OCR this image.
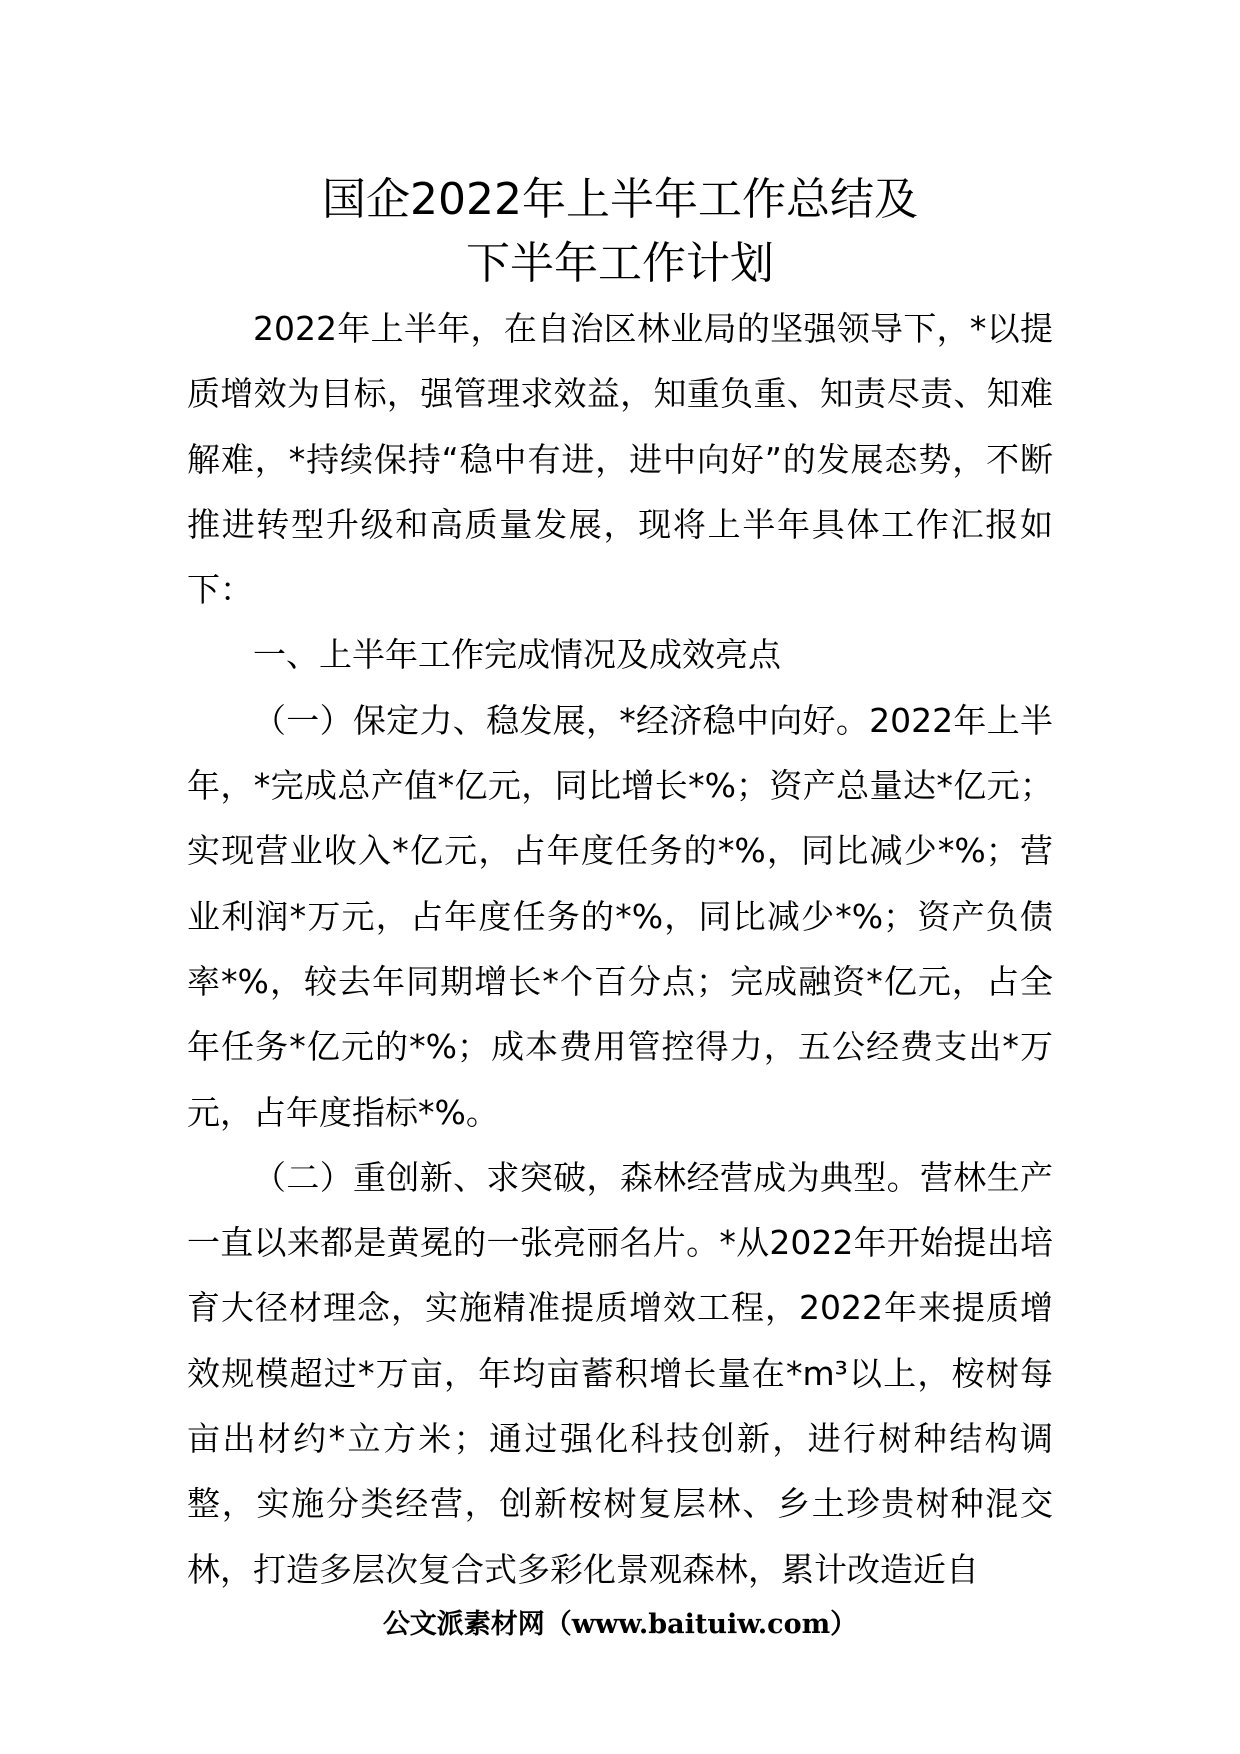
国企2022年上半年工作总结及
下半年工作计划

2022年上半年，在自治区林业局的坚强领导下，*以提质增效为目标，强管理求效益，知重负重、知责尽责、知难解难，*持续保持“稳中有进，进中向好”的发展态势，不断推进转型升级和高质量发展，现将上半年具体工作汇报如下：

一、上半年工作完成情况及成效亮点

（一）保定力、稳发展，*经济稳中向好。2022年上半年，*完成总产值*亿元，同比增长*%；资产总量达*亿元；实现营业收入*亿元，占年度任务的*%，同比减少*%；营业利润*万元，占年度任务的*%，同比减少*%；资产负债率*%，较去年同期增长*个百分点；完成融资*亿元，占全年任务*亿元的*%；成本费用管控得力，五公经费支出*万元，占年度指标*%。

（二）重创新、求突破，森林经营成为典型。营林生产一直以来都是黄冕的一张亮丽名片。*从2022年开始提出培育大径材理念，实施精准提质增效工程，2022年来提质增效规模超过*万亩，年均亩蓄积增长量在*m³以上，桉树每亩出材约*立方米；通过强化科技创新，进行树种结构调整，实施分类经营，创新桉树复层林、乡土珍贵树种混交林，打造多层次复合式多彩化景观森林，累计改造近自

公文派素材网（www.baituiw.com）
